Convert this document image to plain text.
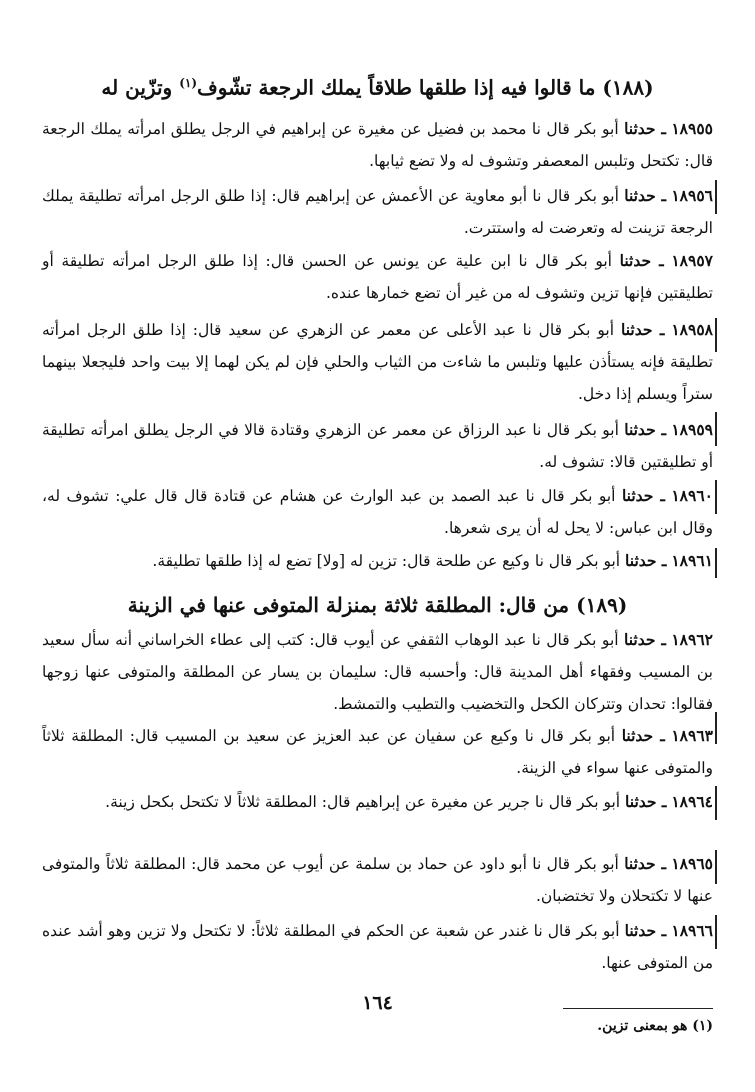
(١٨٨) ما قالوا فيه إذا طلقها طلاقاً يملك الرجعة تشّوف$^{(١)}$ وتزّين له
١٨٩٥٥ ـ حدثنا أبو بكر قال نا محمد بن فضيل عن مغيرة عن إبراهيم في الرجل يطلق امرأته يملك الرجعة قال: تكتحل وتلبس المعصفر وتشوف له ولا تضع ثيابها.
١٨٩٥٦ ـ حدثنا أبو بكر قال نا أبو معاوية عن الأعمش عن إبراهيم قال: إذا طلق الرجل امرأته تطليقة يملك الرجعة تزينت له وتعرضت له واستترت.
١٨٩٥٧ ـ حدثنا أبو بكر قال نا ابن علية عن يونس عن الحسن قال: إذا طلق الرجل امرأته تطليقة أو تطليقتين فإنها تزين وتشوف له من غير أن تضع خمارها عنده.
١٨٩٥٨ ـ حدثنا أبو بكر قال نا عبد الأعلى عن معمر عن الزهري عن سعيد قال: إذا طلق الرجل امرأته تطليقة فإنه يستأذن عليها وتلبس ما شاءت من الثياب والحلي فإن لم يكن لهما إلا بيت واحد فليجعلا بينهما ستراً ويسلم إذا دخل.
١٨٩٥٩ ـ حدثنا أبو بكر قال نا عبد الرزاق عن معمر عن الزهري وقتادة قالا في الرجل يطلق امرأته تطليقة أو تطليقتين قالا: تشوف له.
١٨٩٦٠ ـ حدثنا أبو بكر قال نا عبد الصمد بن عبد الوارث عن هشام عن قتادة قال قال علي: تشوف له، وقال ابن عباس: لا يحل له أن يرى شعرها.
١٨٩٦١ ـ حدثنا أبو بكر قال نا وكيع عن طلحة قال: تزين له [ولا] تضع له إذا طلقها تطليقة.
(١٨٩) من قال: المطلقة ثلاثة بمنزلة المتوفى عنها في الزينة
١٨٩٦٢ ـ حدثنا أبو بكر قال نا عبد الوهاب الثقفي عن أيوب قال: كتب إلى عطاء الخراساني أنه سأل سعيد بن المسيب وفقهاء أهل المدينة قال: وأحسبه قال: سليمان بن يسار عن المطلقة والمتوفى عنها زوجها فقالوا: تحدان وتتركان الكحل والتخضيب والتطيب والتمشط.
١٨٩٦٣ ـ حدثنا أبو بكر قال نا وكيع عن سفيان عن عبد العزيز عن سعيد بن المسيب قال: المطلقة ثلاثاً والمتوفى عنها سواء في الزينة.
١٨٩٦٤ ـ حدثنا أبو بكر قال نا جرير عن مغيرة عن إبراهيم قال: المطلقة ثلاثاً لا تكتحل بكحل زينة.
١٨٩٦٥ ـ حدثنا أبو بكر قال نا أبو داود عن حماد بن سلمة عن أيوب عن محمد قال: المطلقة ثلاثاً والمتوفى عنها لا تكتحلان ولا تختضبان.
١٨٩٦٦ ـ حدثنا أبو بكر قال نا غندر عن شعبة عن الحكم في المطلقة ثلاثاً: لا تكتحل ولا تزين وهو أشد عنده من المتوفى عنها.
١٦٤
(١) هو بمعنى تزين.
